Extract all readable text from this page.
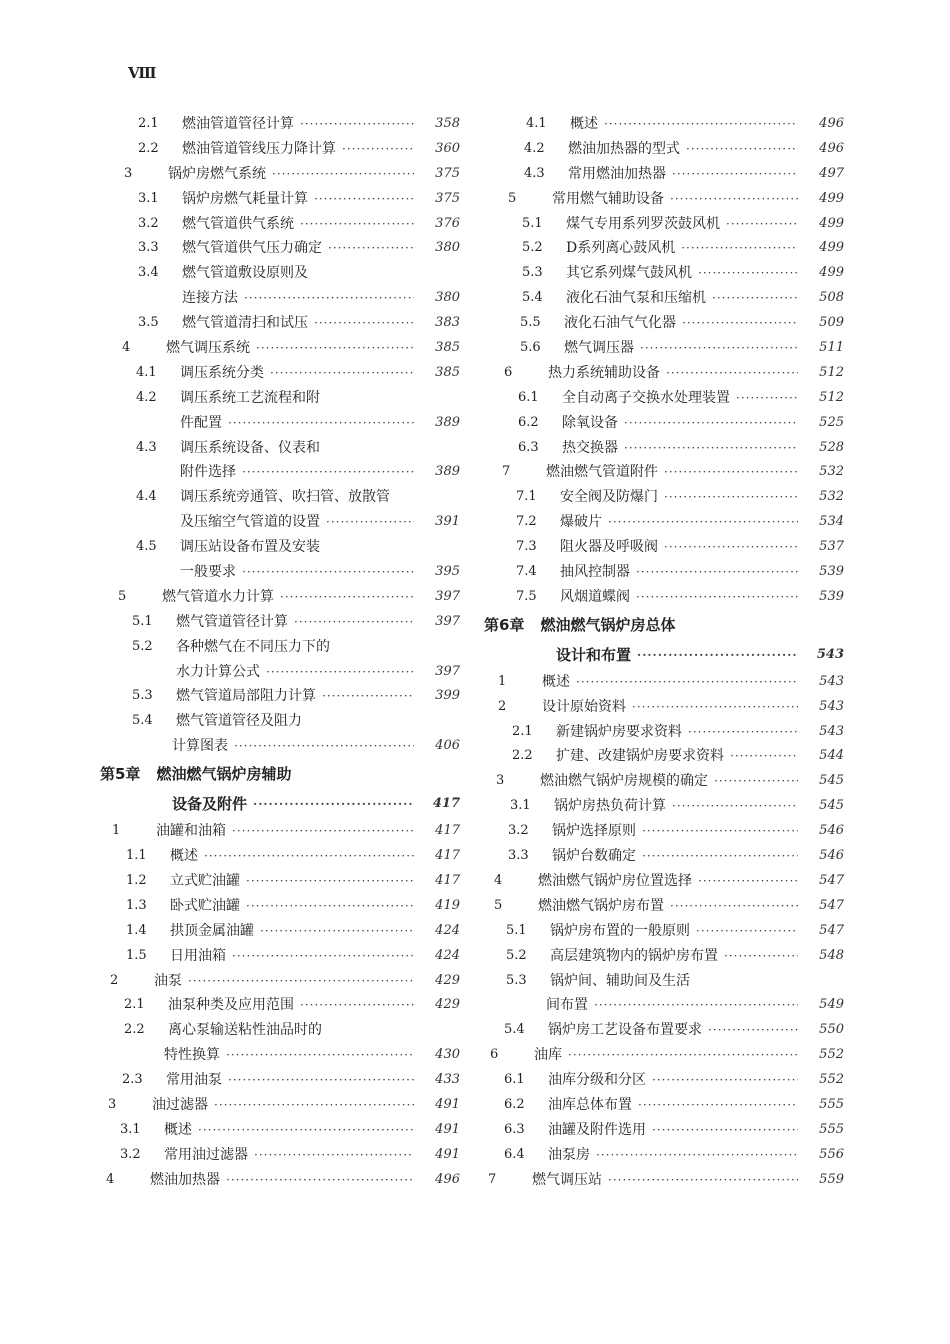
Ⅷ
2.1	燃油管道管径计算 ·····	358
2.2	燃油管道管线压力降计算 ·····	360
3	锅炉房燃气系统 ·····	375
3.1	锅炉房燃气耗量计算 ·····	375
3.2	燃气管道供气系统 ·····	376
3.3	燃气管道供气压力确定 ·····	380
3.4	燃气管道敷设原则及
连接方法 ·····	380
3.5	燃气管道清扫和试压 ·····	383
4	燃气调压系统 ·····	385
4.1	调压系统分类 ·····	385
4.2	调压系统工艺流程和附
件配置 ·····	389
4.3	调压系统设备、仪表和
附件选择 ·····	389
4.4	调压系统旁通管、吹扫管、放散管
及压缩空气管道的设置 ·····	391
4.5	调压站设备布置及安装
一般要求 ·····	395
5	燃气管道水力计算 ·····	397
5.1	燃气管道管径计算 ·····	397
5.2	各种燃气在不同压力下的
水力计算公式 ·····	397
5.3	燃气管道局部阻力计算 ·····	399
5.4	燃气管道管径及阻力
计算图表 ·····	406
第5章 燃油燃气锅炉房辅助
设备及附件 ·····	417
1	油罐和油箱 ·····	417
1.1	概述 ·····	417
1.2	立式贮油罐 ·····	417
1.3	卧式贮油罐 ·····	419
1.4	拱顶金属油罐 ·····	424
1.5	日用油箱 ·····	424
2	油泵 ·····	429
2.1	油泵种类及应用范围 ·····	429
2.2	离心泵输送粘性油品时的
特性换算 ·····	430
2.3	常用油泵 ·····	433
3	油过滤器 ·····	491
3.1	概述 ·····	491
3.2	常用油过滤器 ·····	491
4	燃油加热器 ·····	496
4.1	概述 ·····	496
4.2	燃油加热器的型式 ·····	496
4.3	常用燃油加热器 ·····	497
5	常用燃气辅助设备 ·····	499
5.1	煤气专用系列罗茨鼓风机 ·····	499
5.2	D系列离心鼓风机 ·····	499
5.3	其它系列煤气鼓风机 ·····	499
5.4	液化石油气泵和压缩机 ·····	508
5.5	液化石油气气化器 ·····	509
5.6	燃气调压器 ·····	511
6	热力系统辅助设备 ·····	512
6.1	全自动离子交换水处理装置 ·····	512
6.2	除氧设备 ·····	525
6.3	热交换器 ·····	528
7	燃油燃气管道附件 ·····	532
7.1	安全阀及防爆门 ·····	532
7.2	爆破片 ·····	534
7.3	阻火器及呼吸阀 ·····	537
7.4	抽风控制器 ·····	539
7.5	风烟道蝶阀 ·····	539
第6章 燃油燃气锅炉房总体
设计和布置 ·····	543
1	概述 ·····	543
2	设计原始资料 ·····	543
2.1	新建锅炉房要求资料 ·····	543
2.2	扩建、改建锅炉房要求资料 ·····	544
3	燃油燃气锅炉房规模的确定 ·····	545
3.1	锅炉房热负荷计算 ·····	545
3.2	锅炉选择原则 ·····	546
3.3	锅炉台数确定 ·····	546
4	燃油燃气锅炉房位置选择 ·····	547
5	燃油燃气锅炉房布置 ·····	547
5.1	锅炉房布置的一般原则 ·····	547
5.2	高层建筑物内的锅炉房布置 ·····	548
5.3	锅炉间、辅助间及生活
间布置 ·····	549
5.4	锅炉房工艺设备布置要求 ·····	550
6	油库 ·····	552
6.1	油库分级和分区 ·····	552
6.2	油库总体布置 ·····	555
6.3	油罐及附件选用 ·····	555
6.4	油泵房 ·····	556
7	燃气调压站 ·····	559
